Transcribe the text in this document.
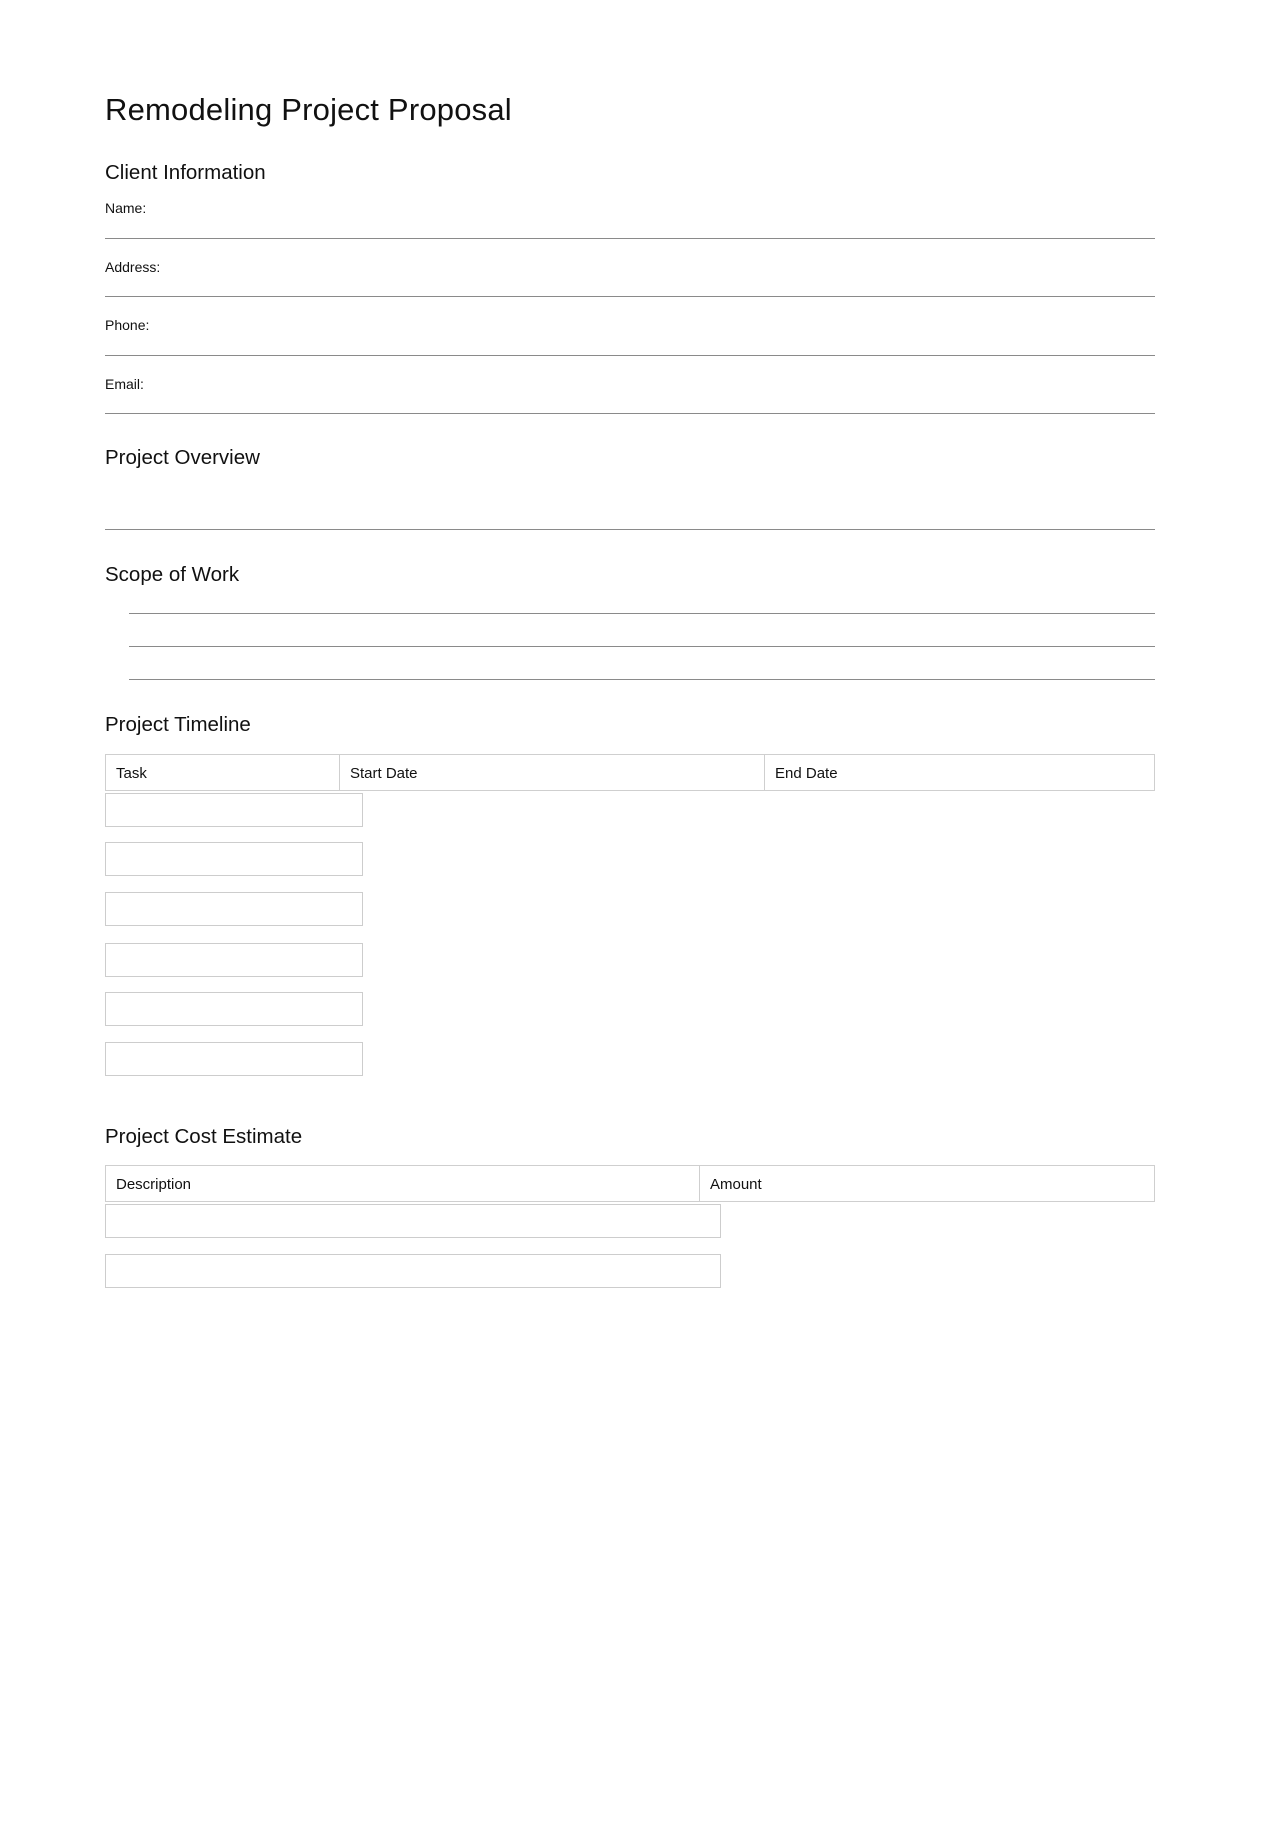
Remodeling Project Proposal
Client Information
Name:
Address:
Phone:
Email:
Project Overview
Scope of Work
Project Timeline
Task	Start Date	End Date
Project Cost Estimate
Description	Amount
